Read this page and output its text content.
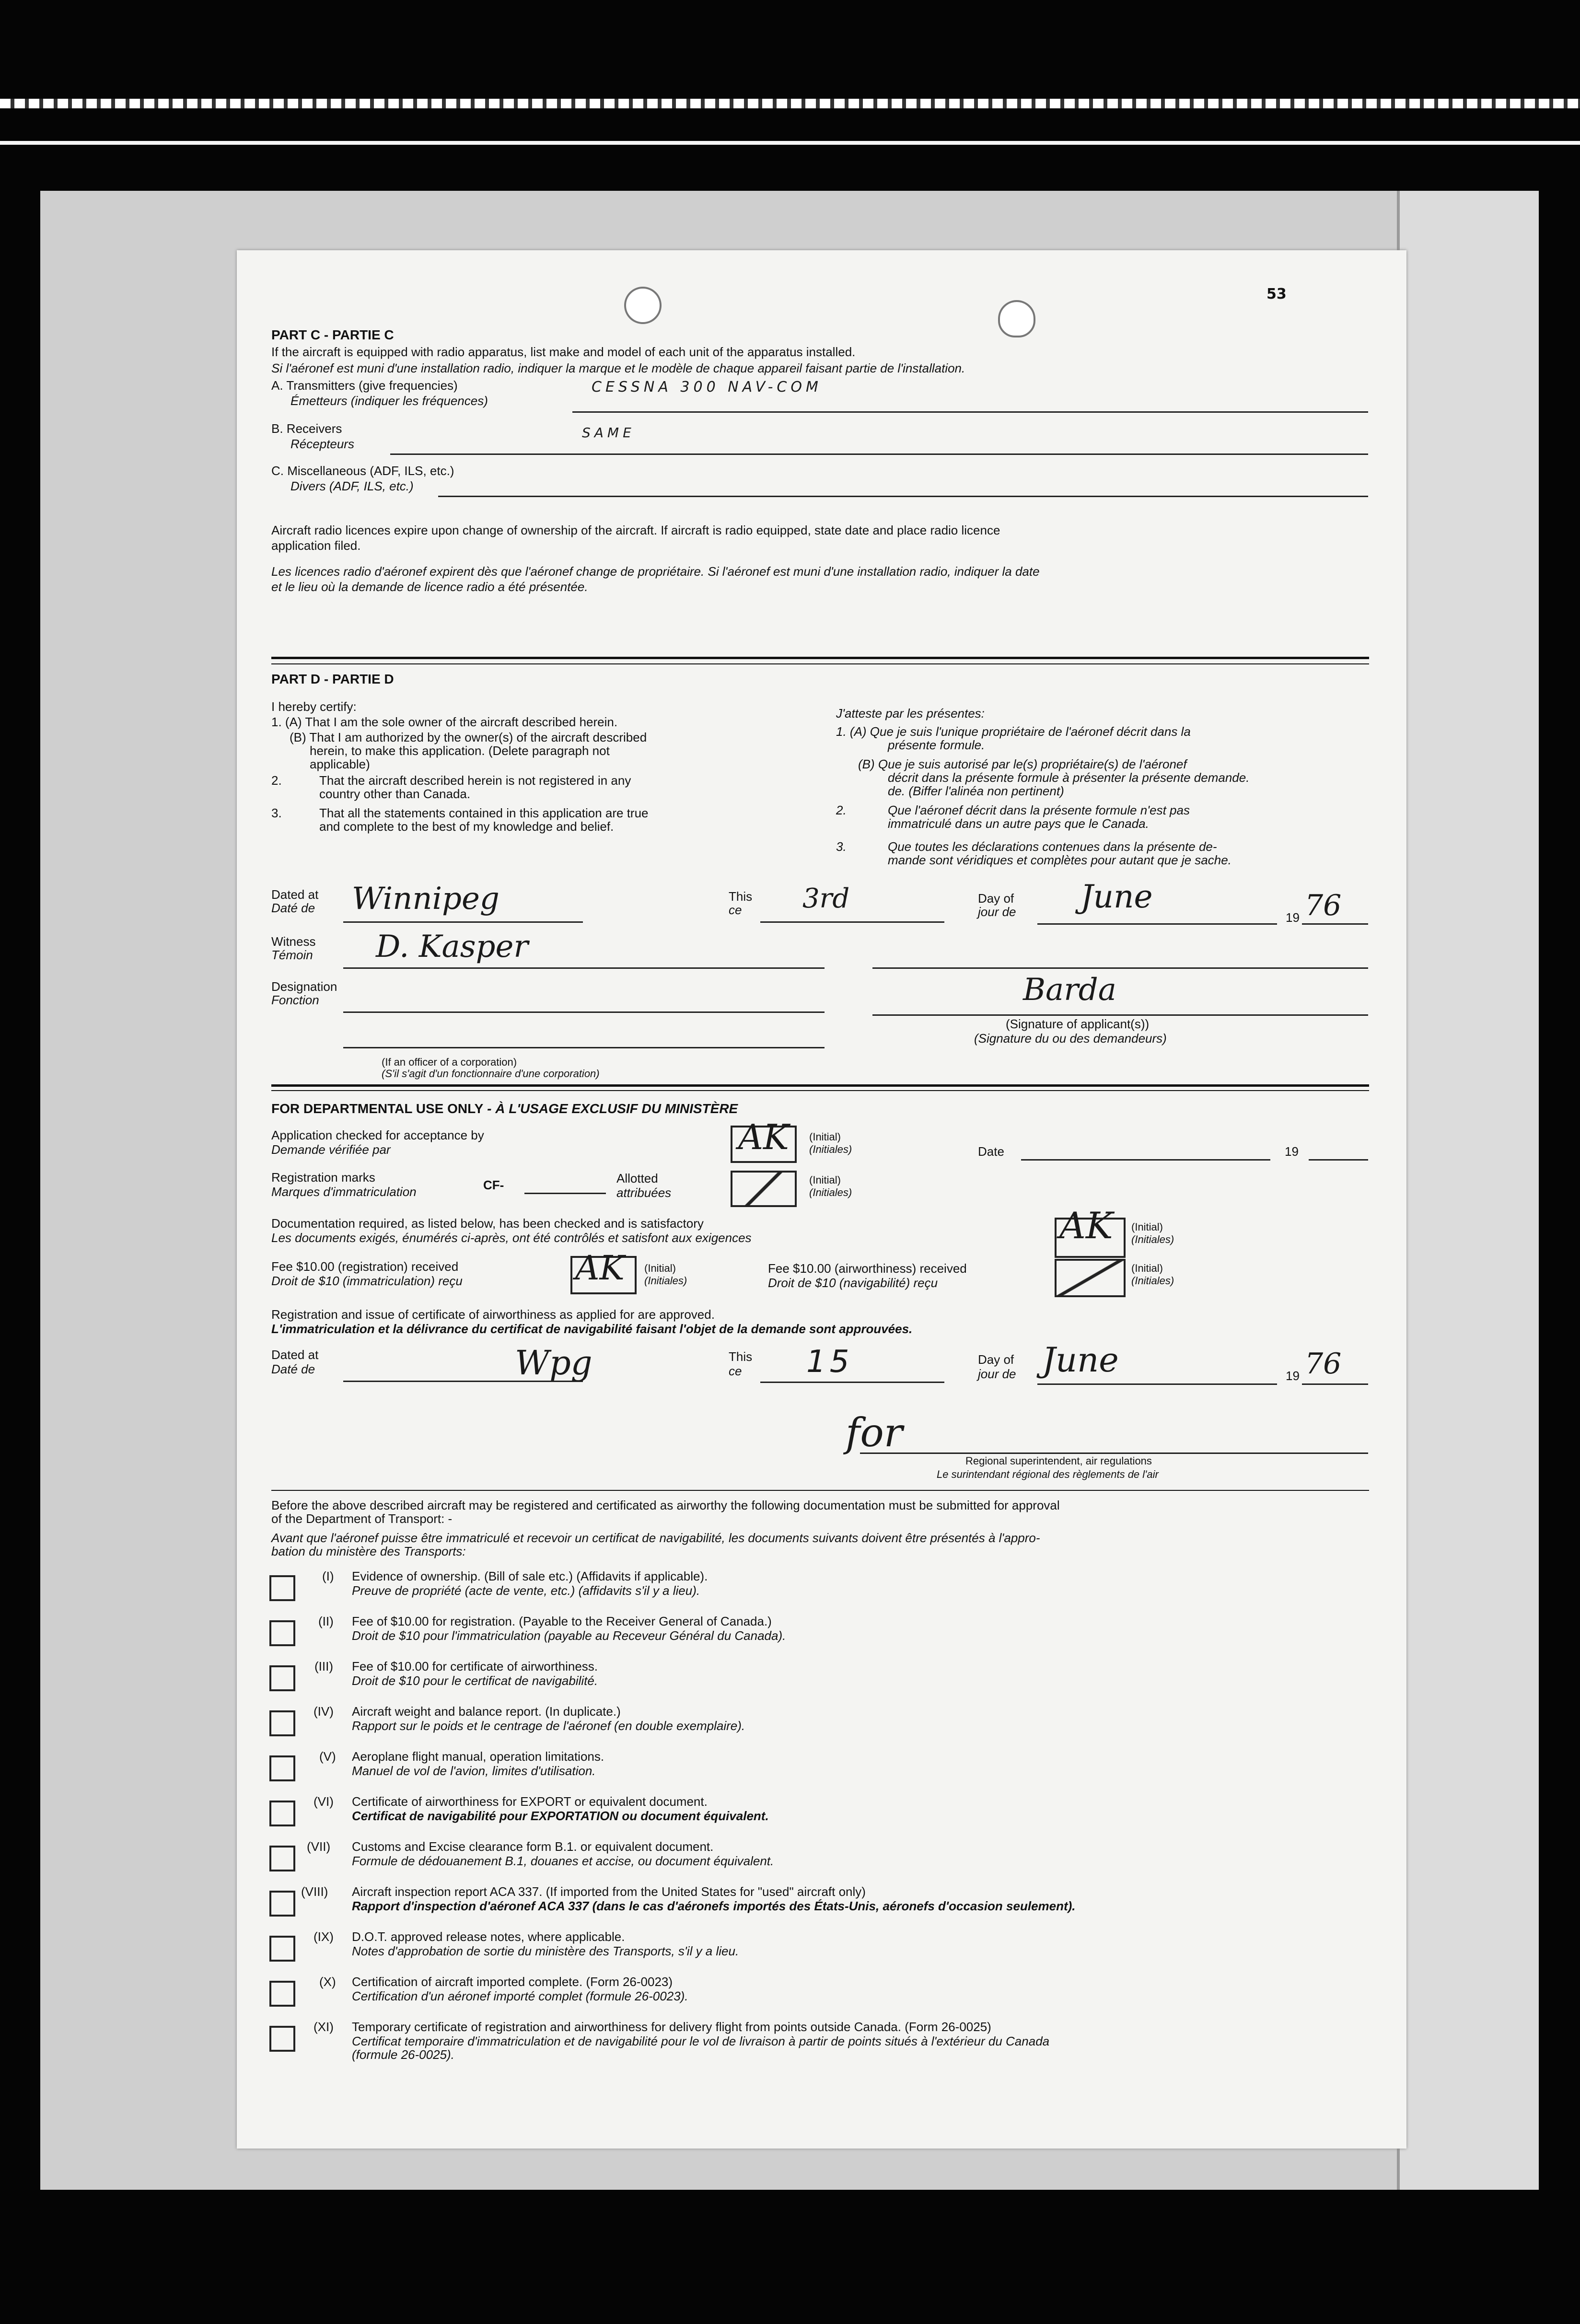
53
PART C - PARTIE C
If the aircraft is equipped with radio apparatus, list make and model of each unit of the apparatus installed.
Si l'aéronef est muni d'une installation radio, indiquer la marque et le modèle de chaque appareil faisant partie de l'installation.
A. Transmitters (give frequencies)
Émetteurs (indiquer les fréquences)
CESSNA 300 NAV-COM
B. Receivers
Récepteurs
SAME
C. Miscellaneous (ADF, ILS, etc.)
Divers (ADF, ILS, etc.)
Aircraft radio licences expire upon change of ownership of the aircraft. If aircraft is radio equipped, state date and place radio licence
application filed.
Les licences radio d'aéronef expirent dès que l'aéronef change de propriétaire. Si l'aéronef est muni d'une installation radio, indiquer la date
et le lieu où la demande de licence radio a été présentée.
PART D - PARTIE D
I hereby certify:
1. (A) That I am the sole owner of the aircraft described herein.
(B) That I am authorized by the owner(s) of the aircraft described
herein, to make this application. (Delete paragraph not
applicable)
2.	That the aircraft described herein is not registered in any
country other than Canada.
3.	That all the statements contained in this application are true
and complete to the best of my knowledge and belief.
J'atteste par les présentes:
1. (A) Que je suis l'unique propriétaire de l'aéronef décrit dans la
présente formule.
(B) Que je suis autorisé par le(s) propriétaire(s) de l'aéronef
décrit dans la présente formule à présenter la présente demande.
de. (Biffer l'alinéa non pertinent)
2.	Que l'aéronef décrit dans la présente formule n'est pas
immatriculé dans un autre pays que le Canada.
3.	Que toutes les déclarations contenues dans la présente de-
mande sont véridiques et complètes pour autant que je sache.
Dated at
Daté de Winnipeg	This
ce 3rd	Day of
jour de June
19 76
Witness
Témoin D. Kasper
Designation
Fonction	Barda
(Signature of applicant(s))
(Signature du ou des demandeurs)
(If an officer of a corporation)
(S'il s'agit d'un fonctionnaire d'une corporation)
FOR DEPARTMENTAL USE ONLY - À L'USAGE EXCLUSIF DU MINISTÈRE
Application checked for acceptance by
Demande vérifiée par	AK (Initial)
(Initiales)	Date	19
Registration marks
Marques d'immatriculation	CF-	Allotted
attribuées
(Initial)
(Initiales)
Documentation required, as listed below, has been checked and is satisfactory
Les documents exigés, énumérés ci-après, ont été contrôlés et satisfont aux exigences	AK (Initial)
(Initiales)
Fee $10.00 (registration) received
Droit de $10 (immatriculation) reçu	AK (Initial)
(Initiales)
Fee $10.00 (airworthiness) received
Droit de $10 (navigabilité) reçu
(Initial)
(Initiales)
Registration and issue of certificate of airworthiness as applied for are approved.
L'immatriculation et la délivrance du certificat de navigabilité faisant l'objet de la demande sont approuvées.
Dated at
Daté de	Wpg	This
ce 15	Day of
jour de June	19 76
for
Regional superintendent, air regulations
Le surintendant régional des règlements de l'air
Before the above described aircraft may be registered and certificated as airworthy the following documentation must be submitted for approval
of the Department of Transport: -
Avant que l'aéronef puisse être immatriculé et recevoir un certificat de navigabilité, les documents suivants doivent être présentés à l'appro-
bation du ministère des Transports:
(I) Evidence of ownership. (Bill of sale etc.) (Affidavits if applicable).
Preuve de propriété (acte de vente, etc.) (affidavits s'il y a lieu).
(II) Fee of $10.00 for registration. (Payable to the Receiver General of Canada.)
Droit de $10 pour l'immatriculation (payable au Receveur Général du Canada).
(III) Fee of $10.00 for certificate of airworthiness.
Droit de $10 pour le certificat de navigabilité.
(IV) Aircraft weight and balance report. (In duplicate.)
Rapport sur le poids et le centrage de l'aéronef (en double exemplaire).
(V) Aeroplane flight manual, operation limitations.
Manuel de vol de l'avion, limites d'utilisation.
(VI) Certificate of airworthiness for EXPORT or equivalent document.
Certificat de navigabilité pour EXPORTATION ou document équivalent.
(VII) Customs and Excise clearance form B.1. or equivalent document.
Formule de dédouanement B.1, douanes et accise, ou document équivalent.
(VIII) Aircraft inspection report ACA 337. (If imported from the United States for "used" aircraft only)
Rapport d'inspection d'aéronef ACA 337 (dans le cas d'aéronefs importés des États-Unis, aéronefs d'occasion seulement).
(IX) D.O.T. approved release notes, where applicable.
Notes d'approbation de sortie du ministère des Transports, s'il y a lieu.
(X) Certification of aircraft imported complete. (Form 26-0023)
Certification d'un aéronef importé complet (formule 26-0023).
(XI) Temporary certificate of registration and airworthiness for delivery flight from points outside Canada. (Form 26-0025)
Certificat temporaire d'immatriculation et de navigabilité pour le vol de livraison à partir de points situés à l'extérieur du Canada
(formule 26-0025).
